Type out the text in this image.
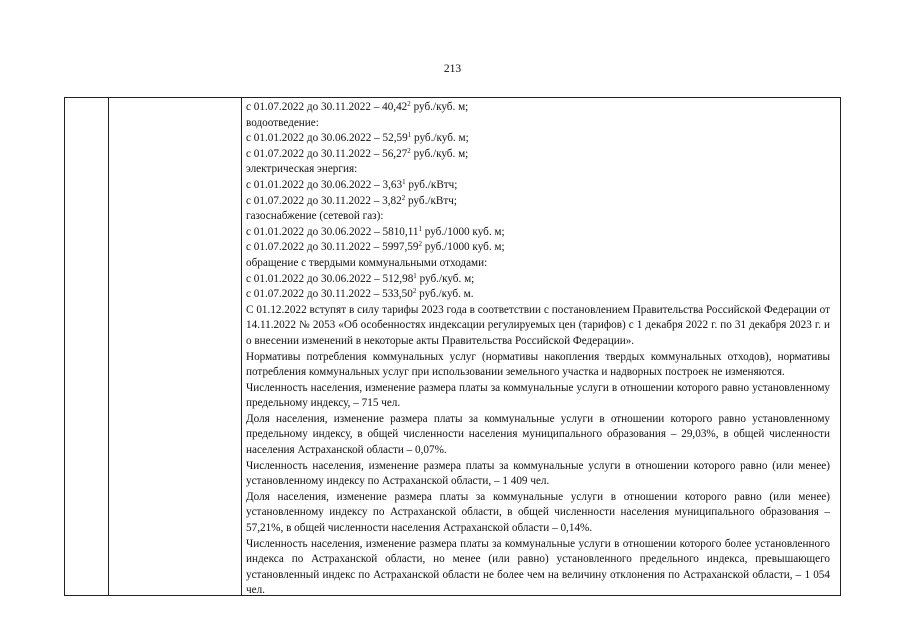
213
с 01.07.2022 до 30.11.2022 – 40,42$^2$ руб./куб. м;
водоотведение:
с 01.01.2022 до 30.06.2022 – 52,59$^1$ руб./куб. м;
с 01.07.2022 до 30.11.2022 – 56,27$^2$ руб./куб. м;
электрическая энергия:
с 01.01.2022 до 30.06.2022 – 3,63$^1$ руб./кВтч;
с 01.07.2022 до 30.11.2022 – 3,82$^2$ руб./кВтч;
газоснабжение (сетевой газ):
с 01.01.2022 до 30.06.2022 – 5810,11$^1$ руб./1000 куб. м;
с 01.07.2022 до 30.11.2022 – 5997,59$^2$ руб./1000 куб. м;
обращение с твердыми коммунальными отходами:
с 01.01.2022 до 30.06.2022 – 512,98$^1$ руб./куб. м;
с 01.07.2022 до 30.11.2022 – 533,50$^2$ руб./куб. м.
С 01.12.2022 вступят в силу тарифы 2023 года в соответствии с постановлением Правительства Российской Федерации от 14.11.2022 № 2053 «Об особенностях индексации регулируемых цен (тарифов) с 1 декабря 2022 г. по 31 декабря 2023 г. и о внесении изменений в некоторые акты Правительства Российской Федерации».
Нормативы потребления коммунальных услуг (нормативы накопления твердых коммунальных отходов), нормативы потребления коммунальных услуг при использовании земельного участка и надворных построек не изменяются.
Численность населения, изменение размера платы за коммунальные услуги в отношении которого равно установленному предельному индексу, – 715 чел.
Доля населения, изменение размера платы за коммунальные услуги в отношении которого равно установленному предельному индексу, в общей численности населения муниципального образования – 29,03%, в общей численности населения Астраханской области – 0,07%.
Численность населения, изменение размера платы за коммунальные услуги в отношении которого равно (или менее) установленному индексу по Астраханской области, – 1 409 чел.
Доля населения, изменение размера платы за коммунальные услуги в отношении которого равно (или менее) установленному индексу по Астраханской области, в общей численности населения муниципального образования – 57,21%, в общей численности населения Астраханской области – 0,14%.
Численность населения, изменение размера платы за коммунальные услуги в отношении которого более установленного индекса по Астраханской области, но менее (или равно) установленного предельного индекса, превышающего установленный индекс по Астраханской области не более чем на величину отклонения по Астраханской области, – 1 054 чел.
